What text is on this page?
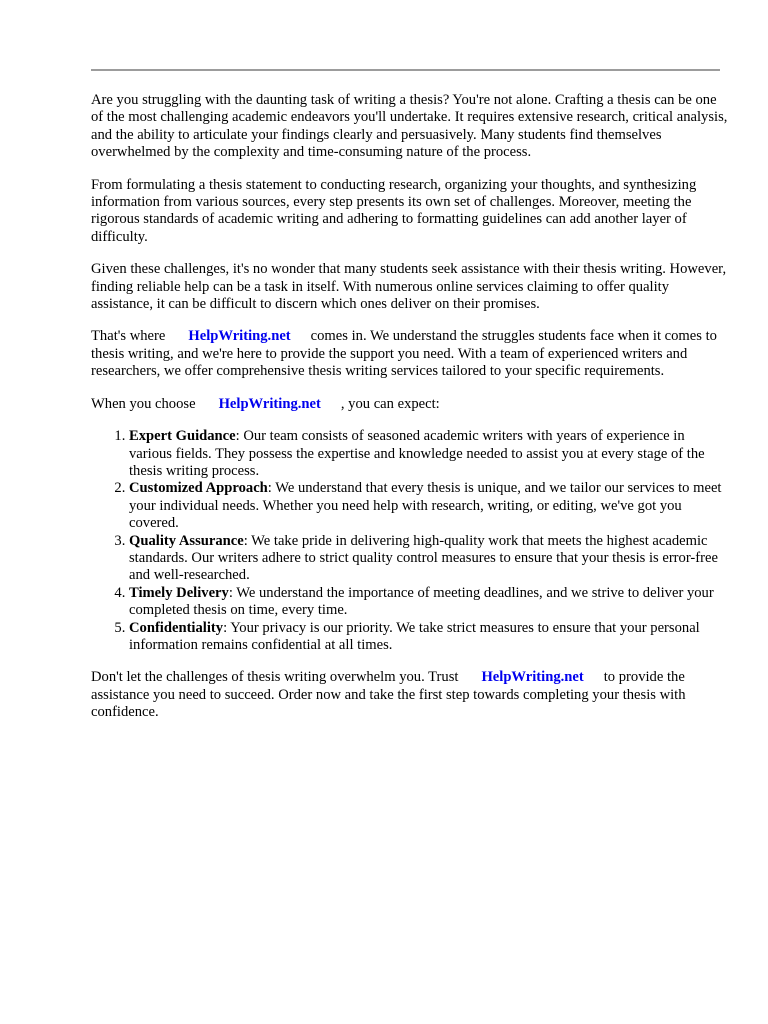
Are you struggling with the daunting task of writing a thesis? You're not alone. Crafting a thesis can be one of the most challenging academic endeavors you'll undertake. It requires extensive research, critical analysis, and the ability to articulate your findings clearly and persuasively. Many students find themselves overwhelmed by the complexity and time-consuming nature of the process.

From formulating a thesis statement to conducting research, organizing your thoughts, and synthesizing information from various sources, every step presents its own set of challenges. Moreover, meeting the rigorous standards of academic writing and adhering to formatting guidelines can add another layer of difficulty.

Given these challenges, it's no wonder that many students seek assistance with their thesis writing. However, finding reliable help can be a task in itself. With numerous online services claiming to offer quality assistance, it can be difficult to discern which ones deliver on their promises.

That's where HelpWriting.net comes in. We understand the struggles students face when it comes to thesis writing, and we're here to provide the support you need. With a team of experienced writers and researchers, we offer comprehensive thesis writing services tailored to your specific requirements.

When you choose HelpWriting.net , you can expect:

1. Expert Guidance: Our team consists of seasoned academic writers with years of experience in various fields. They possess the expertise and knowledge needed to assist you at every stage of the thesis writing process.
2. Customized Approach: We understand that every thesis is unique, and we tailor our services to meet your individual needs. Whether you need help with research, writing, or editing, we've got you covered.
3. Quality Assurance: We take pride in delivering high-quality work that meets the highest academic standards. Our writers adhere to strict quality control measures to ensure that your thesis is error-free and well-researched.
4. Timely Delivery: We understand the importance of meeting deadlines, and we strive to deliver your completed thesis on time, every time.
5. Confidentiality: Your privacy is our priority. We take strict measures to ensure that your personal information remains confidential at all times.

Don't let the challenges of thesis writing overwhelm you. Trust HelpWriting.net to provide the assistance you need to succeed. Order now and take the first step towards completing your thesis with confidence.
